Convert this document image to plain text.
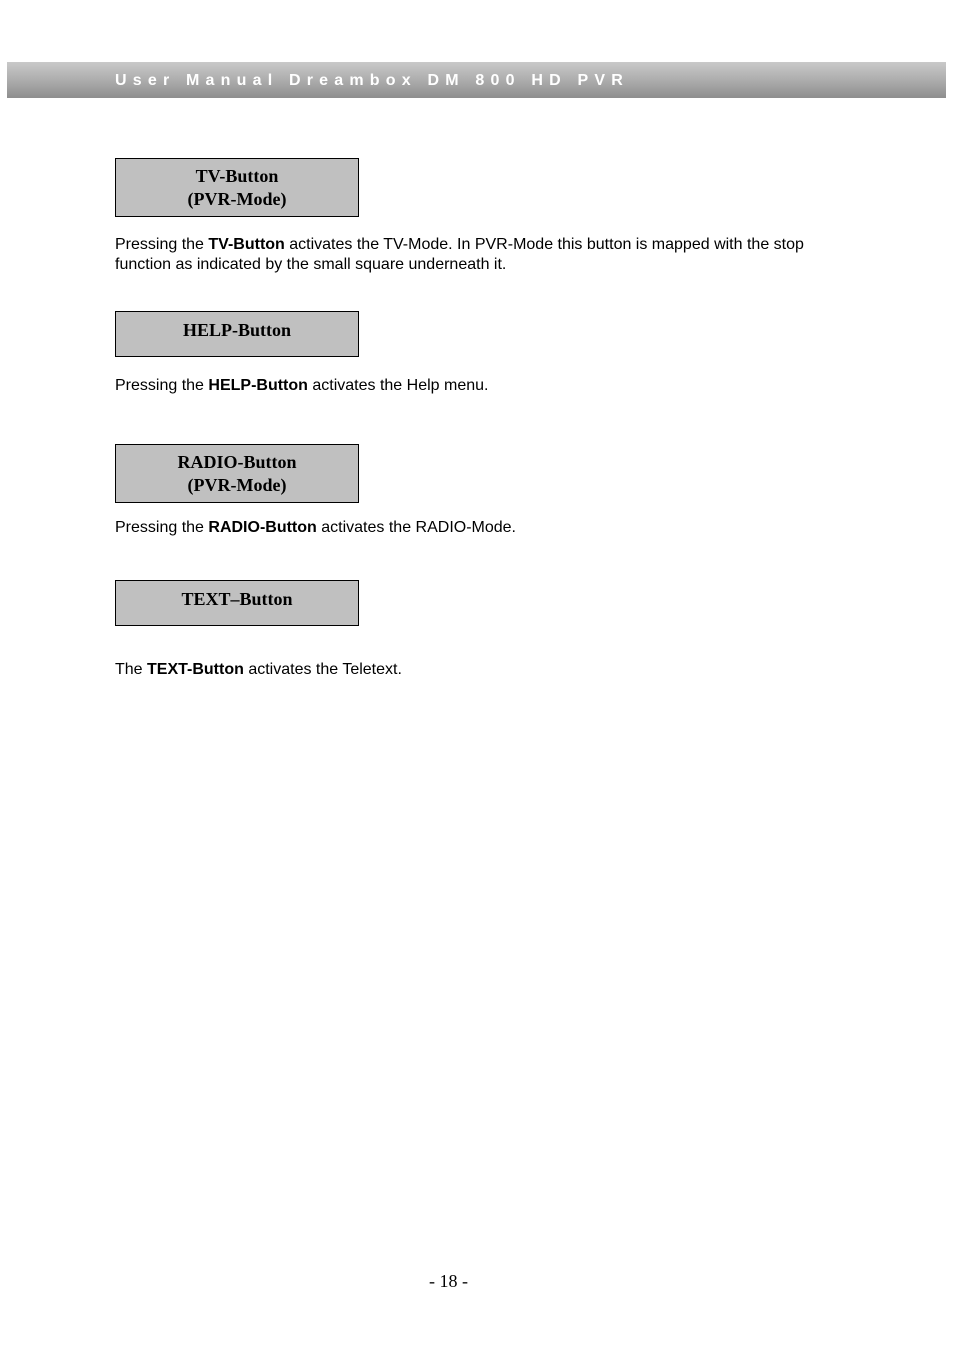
User Manual Dreambox DM 800 HD PVR
TV-Button
(PVR-Mode)
Pressing the TV-Button activates the TV-Mode. In PVR-Mode this button is mapped with the stop function as indicated by the small square underneath it.
HELP-Button
Pressing the HELP-Button activates the Help menu.
RADIO-Button
(PVR-Mode)
Pressing the RADIO-Button activates the RADIO-Mode.
TEXT–Button
The TEXT-Button activates the Teletext.
- 18 -
